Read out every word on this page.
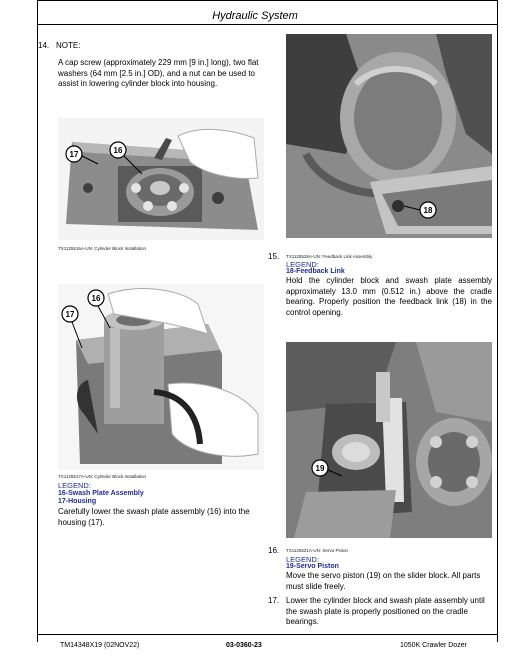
Hydraulic System
14. NOTE:
A cap screw (approximately 229 mm [9 in.] long), two flat washers (64 mm [2.5 in.] OD), and a nut can be used to assist in lowering cylinder block into housing.
17	16
TX1125516A-UN: Cylinder Block Installation
16
17
TX1125517A-UN: Cylinder Block Installation
LEGEND:
16-Swash Plate Assembly
17-Housing
Carefully lower the swash plate assembly (16) into the housing (17).
18
15. TX1125528A-UN: Feedback Link Assembly
LEGEND:
18-Feedback Link
Hold the cylinder block and swash plate assembly approximately 13.0 mm (0.512 in.) above the cradle bearing. Properly position the feedback link (18) in the control opening.
19
16. TX1125521A-UN: Servo Piston
LEGEND:
19-Servo Piston
Move the servo piston (19) on the slider block. All parts must slide freely.
17. Lower the cylinder block and swash plate assembly until the swash plate is properly positioned on the cradle bearings.
TM14348X19 (02NOV22)	03-0360-23	1050K Crawler Dozer
